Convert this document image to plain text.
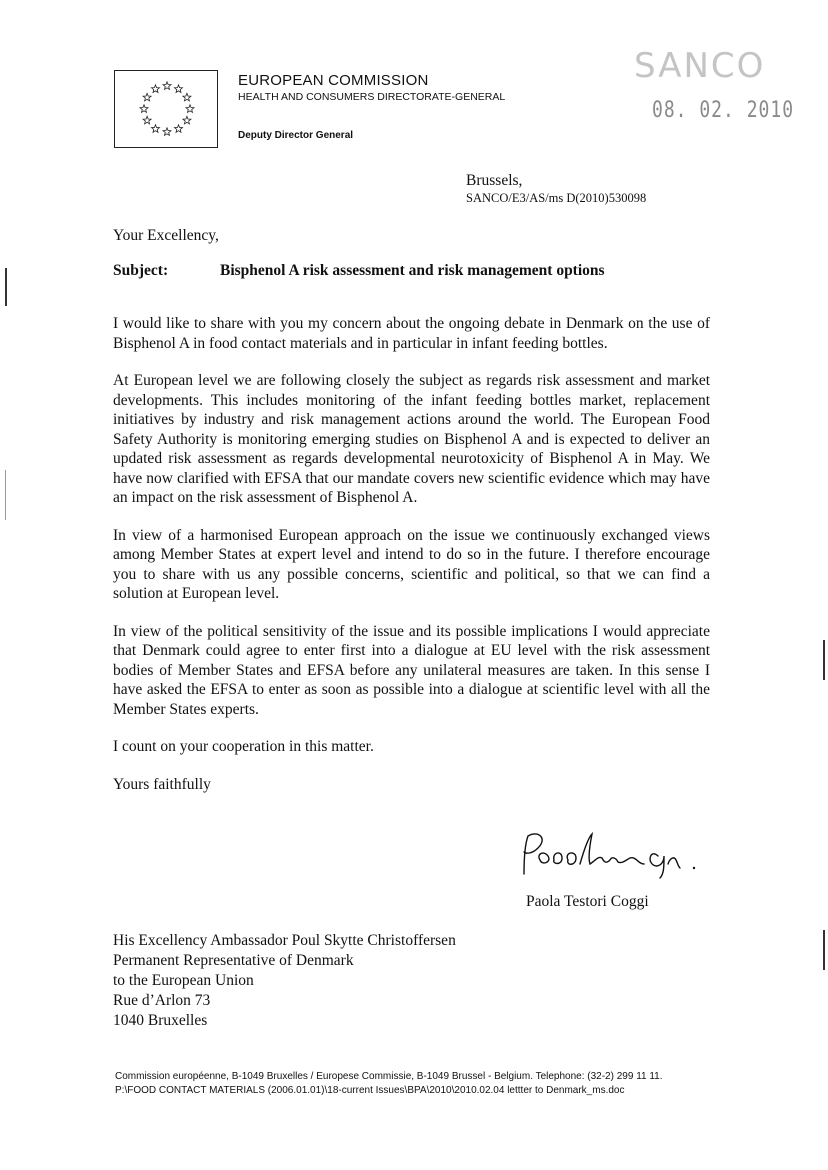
EUROPEAN COMMISSION
HEALTH AND CONSUMERS DIRECTORATE-GENERAL
Deputy Director General
SANCO
08. 02. 2010
Brussels,
SANCO/E3/AS/ms D(2010)530098
Your Excellency,
Subject:	Bisphenol A risk assessment and risk management options

I would like to share with you my concern about the ongoing debate in Denmark on the use of Bisphenol A in food contact materials and in particular in infant feeding bottles.

At European level we are following closely the subject as regards risk assessment and market developments. This includes monitoring of the infant feeding bottles market, replacement initiatives by industry and risk management actions around the world. The European Food Safety Authority is monitoring emerging studies on Bisphenol A and is expected to deliver an updated risk assessment as regards developmental neurotoxicity of Bisphenol A in May. We have now clarified with EFSA that our mandate covers new scientific evidence which may have an impact on the risk assessment of Bisphenol A.

In view of a harmonised European approach on the issue we continuously exchanged views among Member States at expert level and intend to do so in the future. I therefore encourage you to share with us any possible concerns, scientific and political, so that we can find a solution at European level.

In view of the political sensitivity of the issue and its possible implications I would appreciate that Denmark could agree to enter first into a dialogue at EU level with the risk assessment bodies of Member States and EFSA before any unilateral measures are taken. In this sense I have asked the EFSA to enter as soon as possible into a dialogue at scientific level with all the Member States experts.

I count on your cooperation in this matter.

Yours faithfully

Paola Testori Coggi
His Excellency Ambassador Poul Skytte Christoffersen
Permanent Representative of Denmark
to the European Union
Rue d’Arlon 73
1040 Bruxelles
Commission européenne, B-1049 Bruxelles / Europese Commissie, B-1049 Brussel - Belgium. Telephone: (32-2) 299 11 11.
P:\FOOD CONTACT MATERIALS (2006.01.01)\18-current Issues\BPA\2010\2010.02.04 lettter to Denmark_ms.doc
